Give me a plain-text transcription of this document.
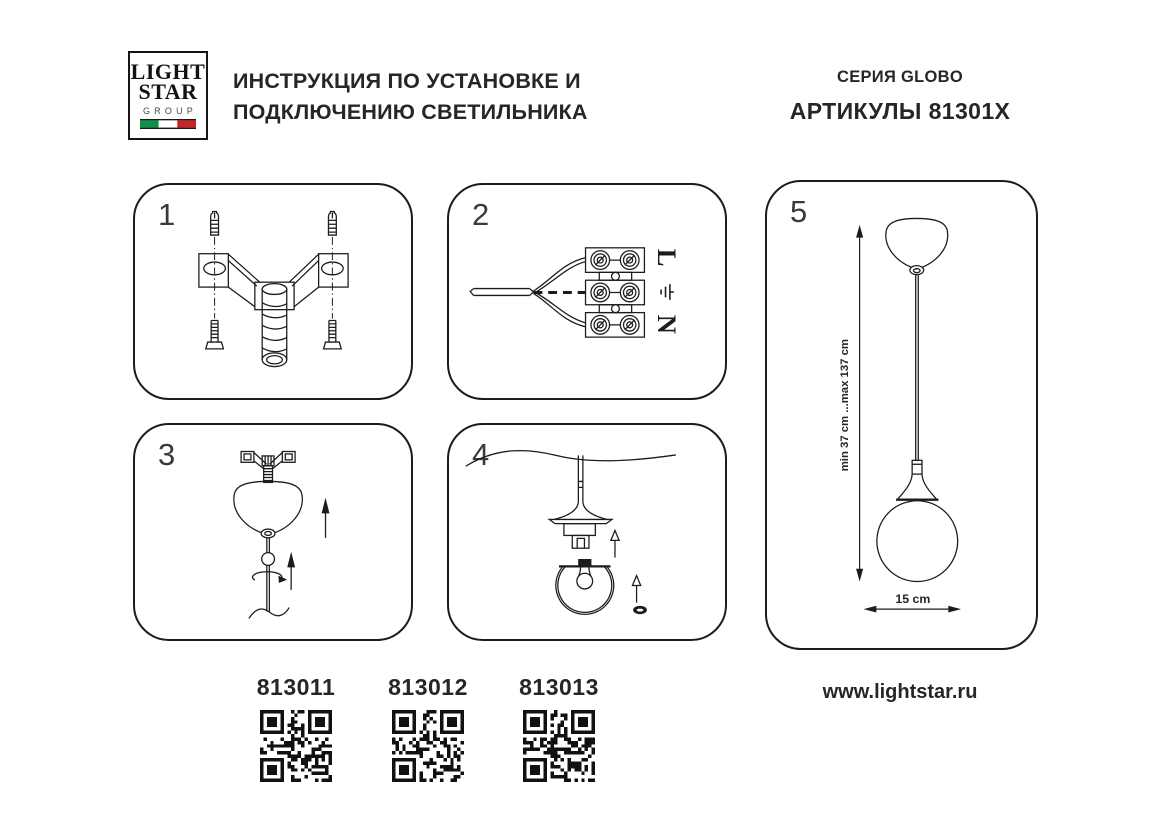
LIGHT
STAR
GROUP
ИНСТРУКЦИЯ ПО УСТАНОВКЕ И
ПОДКЛЮЧЕНИЮ СВЕТИЛЬНИКА
СЕРИЯ GLOBO
АРТИКУЛЫ 81301X
1	2
L
N
3	4
5
min 37 cm ...max 137 cm
15 cm
813011	813012	813013	www.lightstar.ru
